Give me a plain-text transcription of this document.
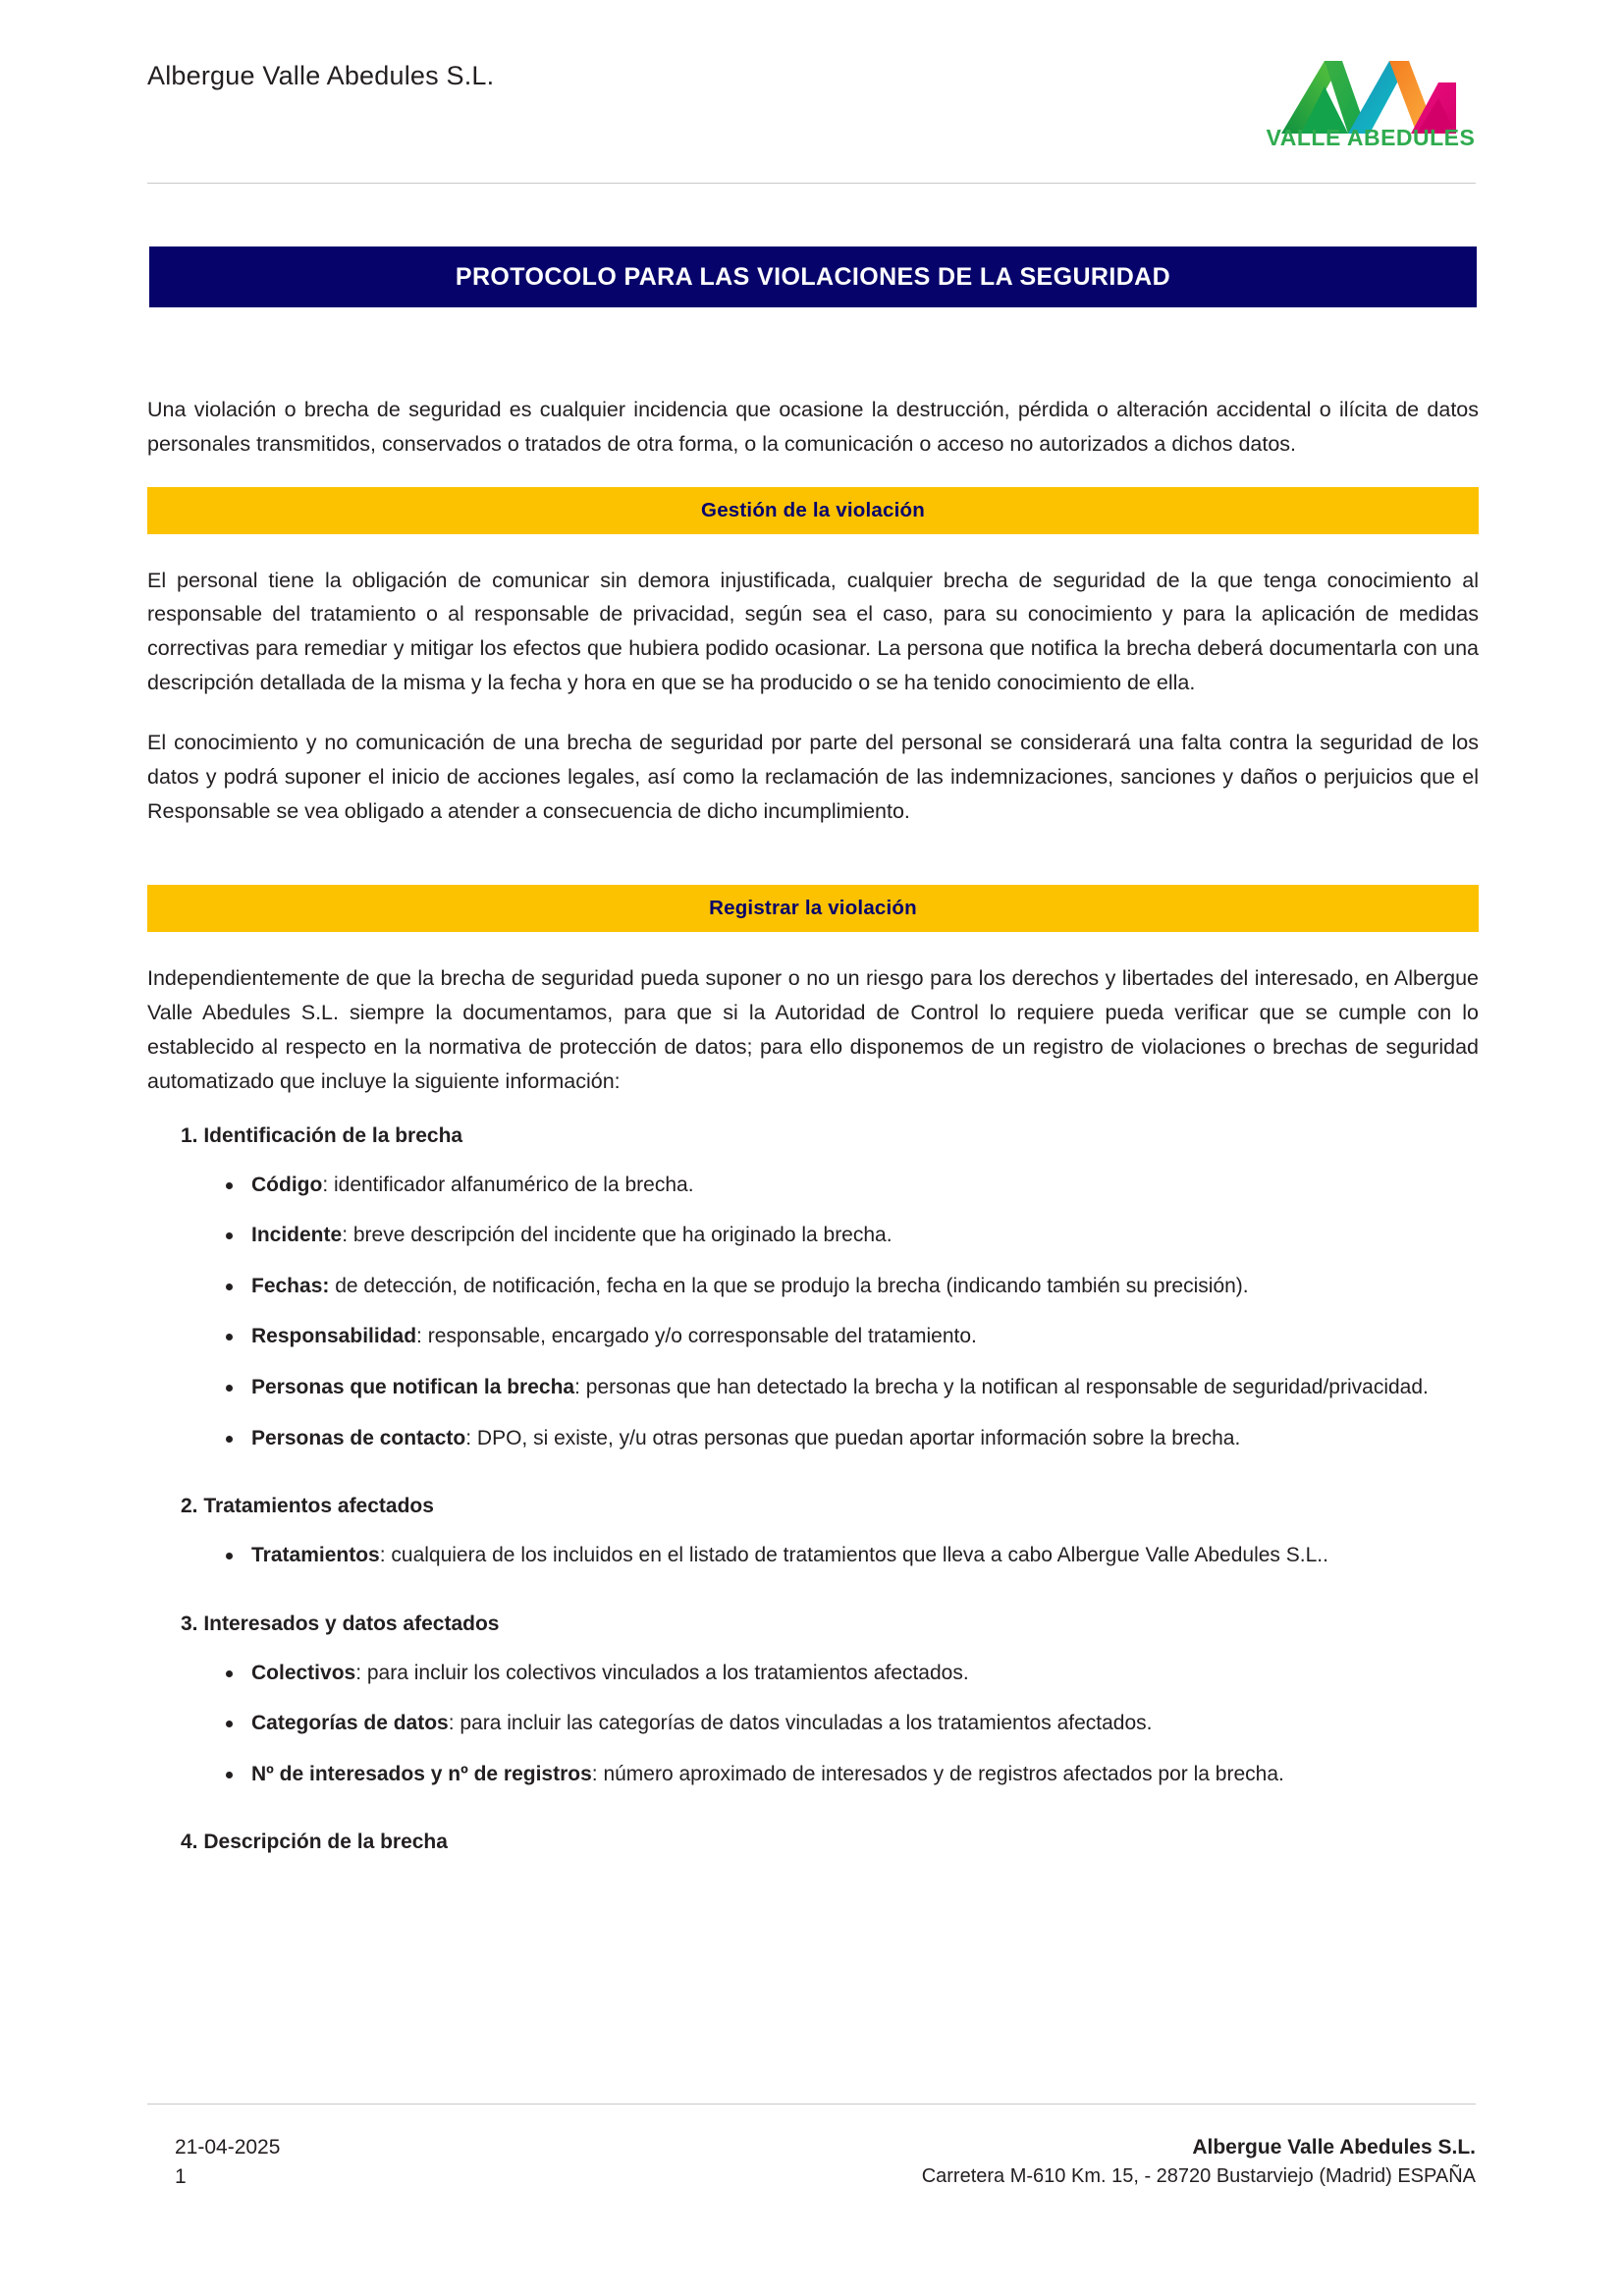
Albergue Valle Abedules S.L.
VALLE ABEDULES
PROTOCOLO PARA LAS VIOLACIONES DE LA SEGURIDAD

Una violación o brecha de seguridad es cualquier incidencia que ocasione la destrucción, pérdida o alteración accidental o ilícita de datos personales transmitidos, conservados o tratados de otra forma, o la comunicación o acceso no autorizados a dichos datos.

Gestión de la violación

El personal tiene la obligación de comunicar sin demora injustificada, cualquier brecha de seguridad de la que tenga conocimiento al responsable del tratamiento o al responsable de privacidad, según sea el caso, para su conocimiento y para la aplicación de medidas correctivas para remediar y mitigar los efectos que hubiera podido ocasionar. La persona que notifica la brecha deberá documentarla con una descripción detallada de la misma y la fecha y hora en que se ha producido o se ha tenido conocimiento de ella.

El conocimiento y no comunicación de una brecha de seguridad por parte del personal se considerará una falta contra la seguridad de los datos y podrá suponer el inicio de acciones legales, así como la reclamación de las indemnizaciones, sanciones y daños o perjuicios que el Responsable se vea obligado a atender a consecuencia de dicho incumplimiento.

Registrar la violación

Independientemente de que la brecha de seguridad pueda suponer o no un riesgo para los derechos y libertades del interesado, en Albergue Valle Abedules S.L. siempre la documentamos, para que si la Autoridad de Control lo requiere pueda verificar que se cumple con lo establecido al respecto en la normativa de protección de datos; para ello disponemos de un registro de violaciones o brechas de seguridad automatizado que incluye la siguiente información:

1. Identificación de la brecha
Código: identificador alfanumérico de la brecha.
Incidente: breve descripción del incidente que ha originado la brecha.
Fechas: de detección, de notificación, fecha en la que se produjo la brecha (indicando también su precisión).
Responsabilidad: responsable, encargado y/o corresponsable del tratamiento.
Personas que notifican la brecha: personas que han detectado la brecha y la notifican al responsable de seguridad/privacidad.
Personas de contacto: DPO, si existe, y/u otras personas que puedan aportar información sobre la brecha.
2. Tratamientos afectados
Tratamientos: cualquiera de los incluidos en el listado de tratamientos que lleva a cabo Albergue Valle Abedules S.L..
3. Interesados y datos afectados
Colectivos: para incluir los colectivos vinculados a los tratamientos afectados.
Categorías de datos: para incluir las categorías de datos vinculadas a los tratamientos afectados.
Nº de interesados y nº de registros: número aproximado de interesados y de registros afectados por la brecha.
4. Descripción de la brecha
21-04-2025
1
Albergue Valle Abedules S.L.
Carretera M-610 Km. 15, - 28720 Bustarviejo (Madrid) ESPAÑA
